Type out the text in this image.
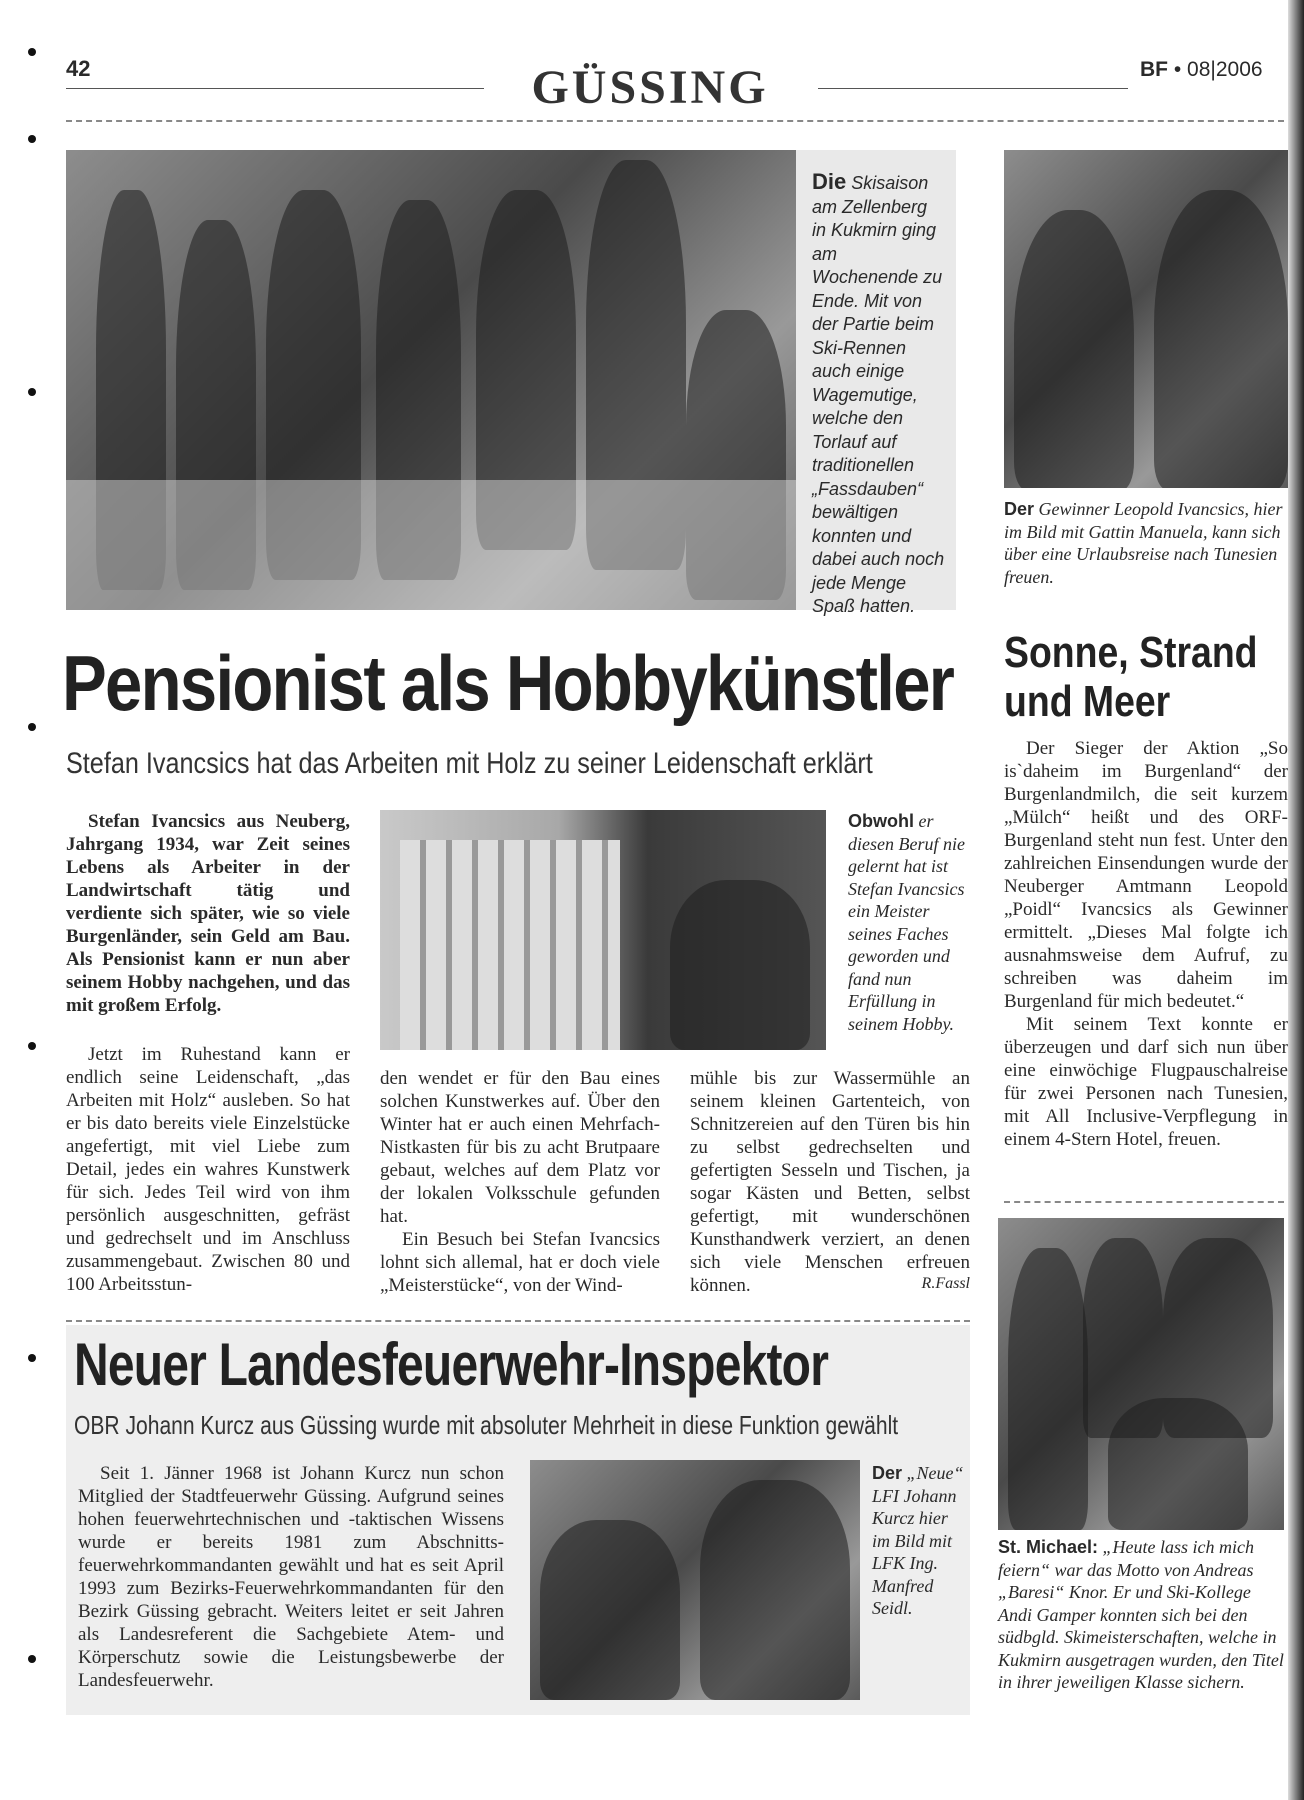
42	GÜSSING	BF • 08|2006
Die Skisaison am Zellenberg in Kukmirn ging am Wochenende zu Ende. Mit von der Partie beim Ski-Rennen auch einige Wagemutige, welche den Torlauf auf traditionellen „Fassdauben“ bewältigen konnten und dabei auch noch jede Menge Spaß hatten.
Der Gewinner Leopold Ivancsics, hier im Bild mit Gattin Manuela, kann sich über eine Urlaubsreise nach Tunesien freuen.
Pensionist als Hobbykünstler
Stefan Ivancsics hat das Arbeiten mit Holz zu seiner Leidenschaft erklärt
Stefan Ivancsics aus Neuberg, Jahrgang 1934, war Zeit seines Lebens als Arbeiter in der Landwirtschaft tätig und verdiente sich später, wie so viele Burgenländer, sein Geld am Bau. Als Pensionist kann er nun aber seinem Hobby nachgehen, und das mit großem Erfolg.
Obwohl er diesen Beruf nie gelernt hat ist Stefan Ivancsics ein Meister seines Faches geworden und fand nun Erfüllung in seinem Hobby.
Jetzt im Ruhestand kann er endlich seine Leidenschaft, „das Arbeiten mit Holz“ ausleben. So hat er bis dato bereits viele Einzelstücke angefertigt, mit viel Liebe zum Detail, jedes ein wahres Kunstwerk für sich. Jedes Teil wird von ihm persönlich ausgeschnitten, gefräst und gedrechselt und im Anschluss zusammengebaut. Zwischen 80 und 100 Arbeitsstun-

den wendet er für den Bau eines solchen Kunstwerkes auf. Über den Winter hat er auch einen Mehrfach-Nistkasten für bis zu acht Brutpaare gebaut, welches auf dem Platz vor der lokalen Volksschule gefunden hat.

Ein Besuch bei Stefan Ivancsics lohnt sich allemal, hat er doch viele „Meisterstücke“, von der Wind-

mühle bis zur Wassermühle an seinem kleinen Gartenteich, von Schnitzereien auf den Türen bis hin zu selbst gedrechselten und gefertigten Sesseln und Tischen, ja sogar Kästen und Betten, selbst gefertigt, mit wunderschönen Kunsthandwerk verziert, an denen sich viele Menschen erfreuen können.	R.Fassl
Sonne, Strand
und Meer

Der Sieger der Aktion „So is`daheim im Burgenland“ der Burgenlandmilch, die seit kurzem „Mülch“ heißt und des ORF-Burgenland steht nun fest. Unter den zahlreichen Einsendungen wurde der Neuberger Amtmann Leopold „Poidl“ Ivancsics als Gewinner ermittelt. „Dieses Mal folgte ich ausnahmsweise dem Aufruf, zu schreiben was daheim im Burgenland für mich bedeutet.“

Mit seinem Text konnte er überzeugen und darf sich nun über eine einwöchige Flugpauschalreise für zwei Personen nach Tunesien, mit All Inclusive-Verpflegung in einem 4-Stern Hotel, freuen.

St. Michael: „Heute lass ich mich feiern“ war das Motto von Andreas „Baresi“ Knor. Er und Ski-Kollege Andi Gamper konnten sich bei den südbgld. Skimeisterschaften, welche in Kukmirn ausgetragen wurden, den Titel in ihrer jeweiligen Klasse sichern.
Neuer Landesfeuerwehr-Inspektor
OBR Johann Kurcz aus Güssing wurde mit absoluter Mehrheit in diese Funktion gewählt
Seit 1. Jänner 1968 ist Johann Kurcz nun schon Mitglied der Stadtfeuerwehr Güssing. Aufgrund seines hohen feuerwehrtechnischen und -taktischen Wissens wurde er bereits 1981 zum Abschnitts-feuerwehrkommandanten gewählt und hat es seit April 1993 zum Bezirks-Feuerwehrkommandanten für den Bezirk Güssing gebracht. Weiters leitet er seit Jahren als Landesreferent die Sachgebiete Atem- und Körperschutz sowie die Leistungsbewerbe der Landesfeuerwehr.
Der „Neue“ LFI Johann Kurcz hier im Bild mit LFK Ing. Manfred Seidl.
